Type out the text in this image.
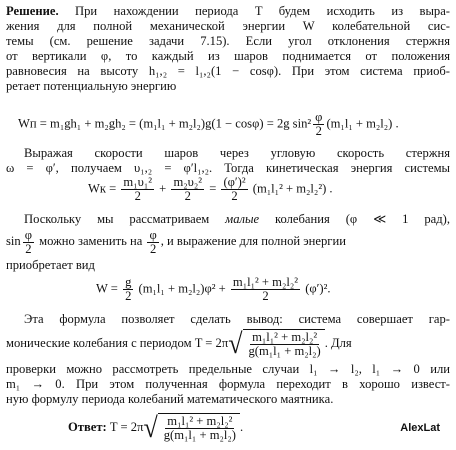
Решение. При нахождении периода T будем исходить из выра-
жения для полной механической энергии W колебательной сис-
темы (см. решение задачи 7.15). Если угол отклонения стержня
от вертикали φ, то каждый из шаров поднимается от положения
равновесия на высоту h₁,₂ = l₁,₂(1 − cosφ). При этом система приоб-
ретает потенциальную энергию
Wп = m₁gh₁ + m₂gh₂ = (m₁l₁ + m₂l₂)g(1 − cosφ) = 2g $\sin^2 \frac{\varphi}{2} (m_1l_1 + m_2l_2)$ .
Выражая скорости шаров через угловую скорость стержня
ω = φ′, получаем υ₁,₂ = φ′l₁,₂. Тогда кинетическая энергия системы
Wк = $\frac{\text{m₁υ₁²}}{2} + \frac{\text{m₂υ₂²}}{2} = \frac{\text{(φ′)²}}{2} (m_1l_1^2 + m_2l_2^2)$ .
Поскольку мы рассматриваем малые колебания (φ ≪ 1 рад),
$\sin \frac{\varphi}{2}$ можно заменить на $\frac{\varphi}{2}$ , и выражение для полной энергии
приобретает вид
$W = \frac{g}{2} (m_1l_1 + m_2l_2)\varphi^2 + \frac{\text{m₁l₁² + m₂l₂²}}{2} (\varphi')^2$.
Эта формула позволяет сделать вывод: система совершает гар-
монические колебания с периодом T = 2π √ $\frac{\text{m₁l₁² + m₂l₂²}}{\text{g(m₁l₁ + m₂l₂)}}$ . Для
проверки можно рассмотреть предельные случаи l₁ → l₂, l₁ → 0 или
m₁ → 0. При этом полученная формула переходит в хорошо извест-
ную формулу периода колебаний математического маятника.
Ответ: T = 2π √ $\frac{\text{m₁l₁² + m₂l₂²}}{\text{g(m₁l₁ + m₂l₂)}}$ .	AlexLat
